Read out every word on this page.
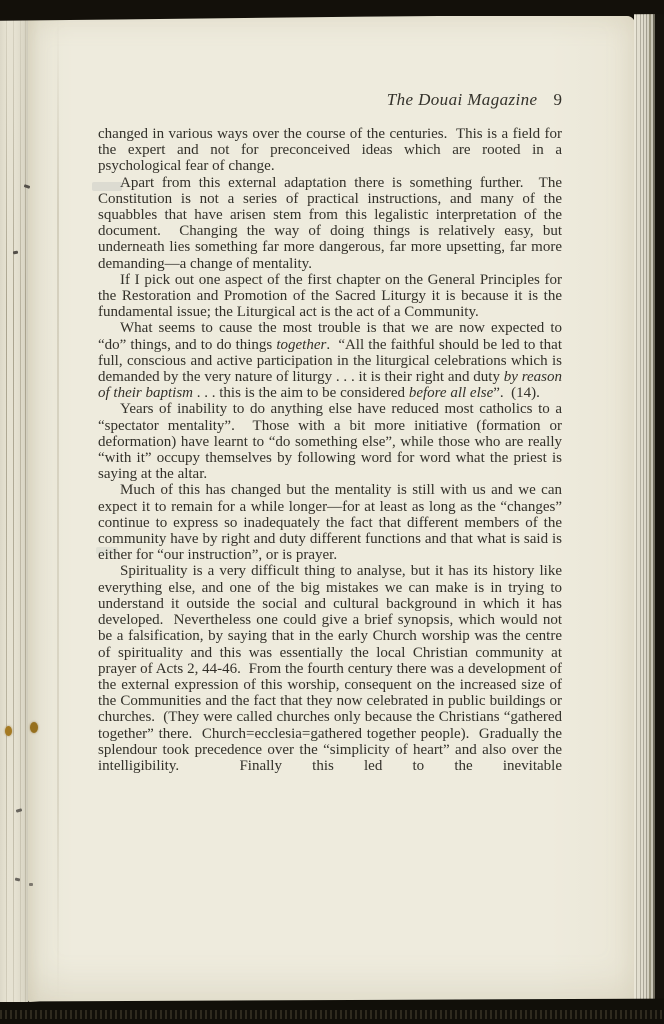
The Douai Magazine 9

changed in various ways over the course of the centuries.  This is a field for the expert and not for preconceived ideas which are rooted in a psychological fear of change.

Apart from this external adaptation there is something further.  The Constitution is not a series of practical instructions, and many of the squabbles that have arisen stem from this legalistic interpretation of the document.  Changing the way of doing things is relatively easy, but underneath lies something far more dangerous, far more upsetting, far more demanding—a change of mentality.

If I pick out one aspect of the first chapter on the General Principles for the Restoration and Promotion of the Sacred Liturgy it is because it is the fundamental issue; the Liturgical act is the act of a Community.

What seems to cause the most trouble is that we are now expected to “do” things, and to do things together.  “All the faithful should be led to that full, conscious and active participation in the liturgical celebrations which is demanded by the very nature of liturgy . . . it is their right and duty by reason of their baptism . . . this is the aim to be considered before all else”.  (14).

Years of inability to do anything else have reduced most catholics to a “spectator mentality”.  Those with a bit more initiative (formation or deformation) have learnt to “do something else”, while those who are really “with it” occupy themselves by following word for word what the priest is saying at the altar.

Much of this has changed but the mentality is still with us and we can expect it to remain for a while longer—for at least as long as the “changes” continue to express so inadequately the fact that different members of the community have by right and duty different functions and that what is said is either for “our instruction”, or is prayer.

Spirituality is a very difficult thing to analyse, but it has its history like everything else, and one of the big mistakes we can make is in trying to understand it outside the social and cultural background in which it has developed.  Nevertheless one could give a brief synopsis, which would not be a falsification, by saying that in the early Church worship was the centre of spirituality and this was essentially the local Christian community at prayer of Acts 2, 44-46.  From the fourth century there was a development of the external expression of this worship, consequent on the increased size of the Communities and the fact that they now celebrated in public buildings or churches.  (They were called churches only because the Christians “gathered together” there.  Church=ecclesia=gathered together people).  Gradually the splendour took precedence over the “simplicity of heart” and also over the intelligibility.  Finally this led to the inevitable
